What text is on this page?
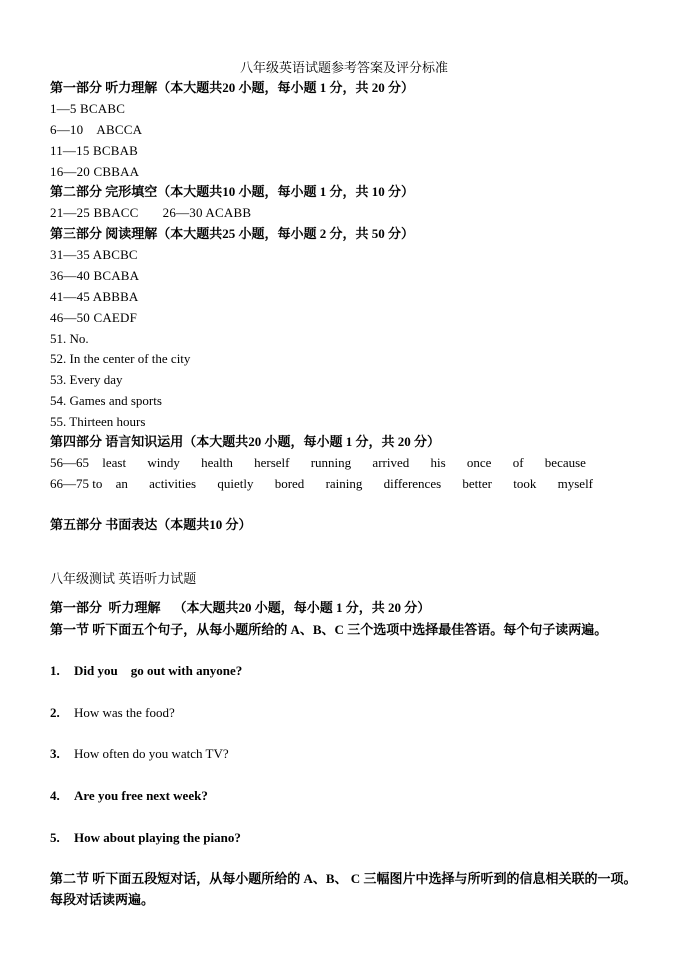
八年级英语试题参考答案及评分标准
第一部分 听力理解（本大题共20 小题，每小题 1 分，共 20 分）
1—5 BCABC
6—10    ABCCA
11—15 BCBAB
16—20 CBBAA
第二部分 完形填空（本大题共10 小题，每小题 1 分，共 10 分）
21—25 BBACC       26—30 ACABB
第三部分 阅读理解（本大题共25 小题，每小题 2 分，共 50 分）
31—35 ABCBC
36—40 BCABA
41—45 ABBBA
46—50 CAEDF
51. No.
52. In the center of the city
53. Every day
54. Games and sports
55. Thirteen hours
第四部分 语言知识运用（本大题共20 小题，每小题 1 分，共 20 分）
56—65 least windy health herself running arrived his once of because
66—75 to an activities quietly bored raining differences better took myself
第五部分 书面表达（本题共10 分）
八年级测试 英语听力试题
第一部分  听力理解    （本大题共20 小题，每小题 1 分，共 20 分）
第一节 听下面五个句子，从每小题所给的 A、B、C 三个选项中选择最佳答语。每个句子读两遍。
1. Did you    go out with anyone?
2. How was the food?
3. How often do you watch TV?
4. Are you free next week?
5. How about playing the piano?
第二节 听下面五段短对话，从每小题所给的 A、B、 C 三幅图片中选择与所听到的信息相关联的一项。每段对话读两遍。
